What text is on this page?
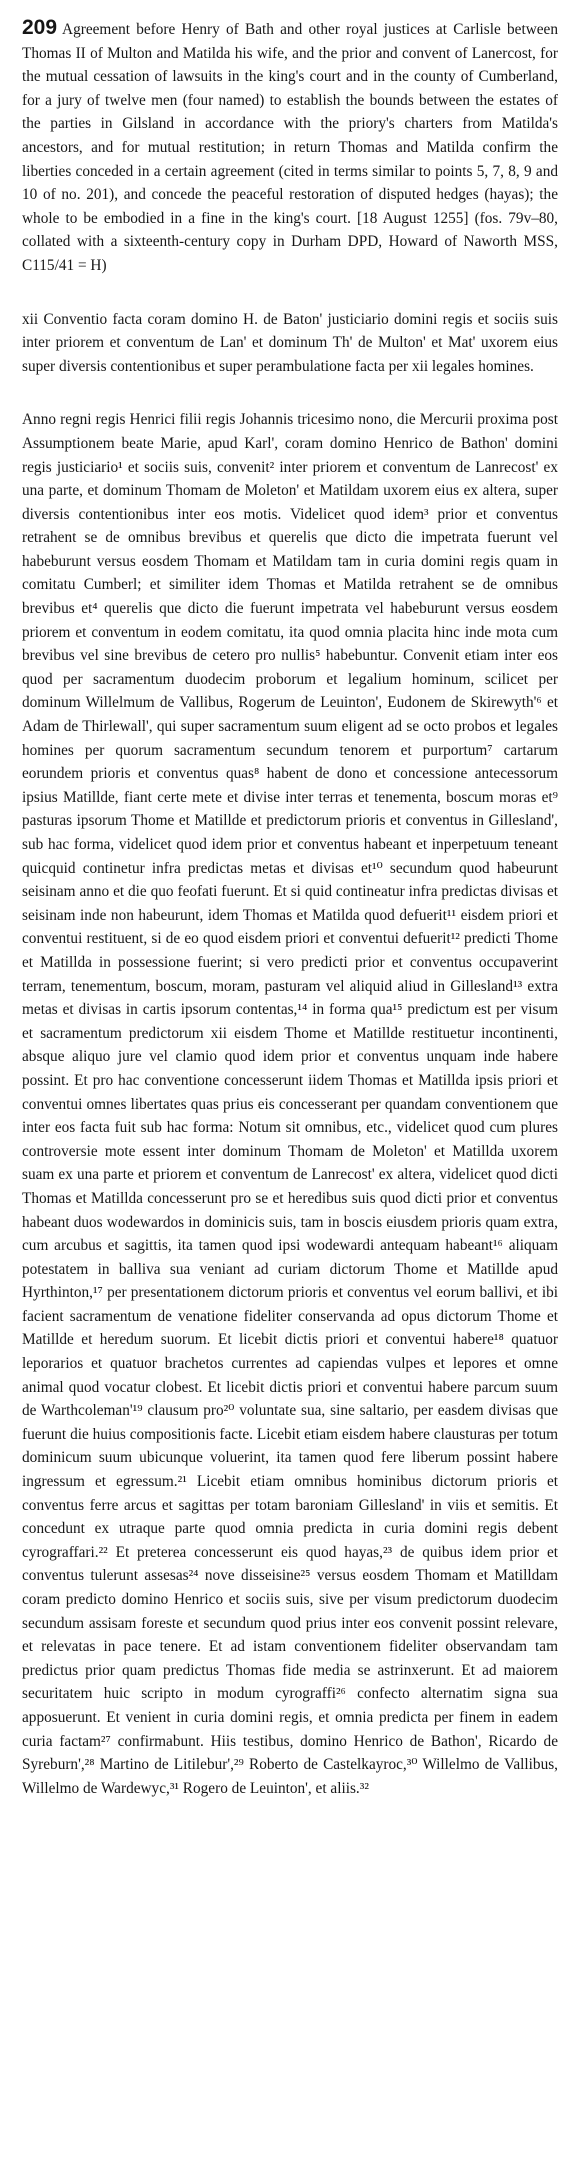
209 Agreement before Henry of Bath and other royal justices at Carlisle between Thomas II of Multon and Matilda his wife, and the prior and convent of Lanercost, for the mutual cessation of lawsuits in the king's court and in the county of Cumberland, for a jury of twelve men (four named) to establish the bounds between the estates of the parties in Gilsland in accordance with the priory's charters from Matilda's ancestors, and for mutual restitution; in return Thomas and Matilda confirm the liberties conceded in a certain agreement (cited in terms similar to points 5, 7, 8, 9 and 10 of no. 201), and concede the peaceful restoration of disputed hedges (hayas); the whole to be embodied in a fine in the king's court. [18 August 1255] (fos. 79v–80, collated with a sixteenth-century copy in Durham DPD, Howard of Naworth MSS, C115/41 = H)
xii Conventio facta coram domino H. de Baton' justiciario domini regis et sociis suis inter priorem et conventum de Lan' et dominum Th' de Multon' et Mat' uxorem eius super diversis contentionibus et super perambulatione facta per xii legales homines.

Anno regni regis Henrici filii regis Johannis tricesimo nono, die Mercurii proxima post Assumptionem beate Marie, apud Karl', coram domino Henrico de Bathon' domini regis justiciario¹ et sociis suis, convenit² inter priorem et conventum de Lanrecost' ex una parte, et dominum Thomam de Moleton' et Matildam uxorem eius ex altera, super diversis contentionibus inter eos motis. Videlicet quod idem³ prior et conventus retrahent se de omnibus brevibus et querelis que dicto die impetrata fuerunt vel habeburunt versus eosdem Thomam et Matildam tam in curia domini regis quam in comitatu Cumberl; et similiter idem Thomas et Matilda retrahent se de omnibus brevibus et⁴ querelis que dicto die fuerunt impetrata vel habeburunt versus eosdem priorem et conventum in eodem comitatu, ita quod omnia placita hinc inde mota cum brevibus vel sine brevibus de cetero pro nullis⁵ habebuntur. Convenit etiam inter eos quod per sacramentum duodecim proborum et legalium hominum, scilicet per dominum Willelmum de Vallibus, Rogerum de Leuinton', Eudonem de Skirewyth'⁶ et Adam de Thirlewall', qui super sacramentum suum eligent ad se octo probos et legales homines per quorum sacramentum secundum tenorem et purportum⁷ cartarum eorundem prioris et conventus quas⁸ habent de dono et concessione antecessorum ipsius Matillde, fiant certe mete et divise inter terras et tenementa, boscum moras et⁹ pasturas ipsorum Thome et Matillde et predictorum prioris et conventus in Gillesland', sub hac forma, videlicet quod idem prior et conventus habeant et inperpetuum teneant quicquid continetur infra predictas metas et divisas et¹⁰ secundum quod habeurunt seisinam anno et die quo feofati fuerunt. Et si quid contineatur infra predictas divisas et seisinam inde non habeurunt, idem Thomas et Matilda quod defuerit¹¹ eisdem priori et conventui restituent, si de eo quod eisdem priori et conventui defuerit¹² predicti Thome et Matillda in possessione fuerint; si vero predicti prior et conventus occupaverint terram, tenementum, boscum, moram, pasturam vel aliquid aliud in Gillesland¹³ extra metas et divisas in cartis ipsorum contentas,¹⁴ in forma qua¹⁵ predictum est per visum et sacramentum predictorum xii eisdem Thome et Matillde restituetur incontinenti, absque aliquo jure vel clamio quod idem prior et conventus unquam inde habere possint. Et pro hac conventione concesserunt iidem Thomas et Matillda ipsis priori et conventui omnes libertates quas prius eis concesserant per quandam conventionem que inter eos facta fuit sub hac forma: Notum sit omnibus, etc., videlicet quod cum plures controversie mote essent inter dominum Thomam de Moleton' et Matillda uxorem suam ex una parte et priorem et conventum de Lanrecost' ex altera, videlicet quod dicti Thomas et Matillda concesserunt pro se et heredibus suis quod dicti prior et conventus habeant duos wodewardos in dominicis suis, tam in boscis eiusdem prioris quam extra, cum arcubus et sagittis, ita tamen quod ipsi wodewardi antequam habeant¹⁶ aliquam potestatem in balliva sua veniant ad curiam dictorum Thome et Matillde apud Hyrthinton,¹⁷ per presentationem dictorum prioris et conventus vel eorum ballivi, et ibi facient sacramentum de venatione fideliter conservanda ad opus dictorum Thome et Matillde et heredum suorum. Et licebit dictis priori et conventui habere¹⁸ quatuor leporarios et quatuor brachetos currentes ad capiendas vulpes et lepores et omne animal quod vocatur clobest. Et licebit dictis priori et conventui habere parcum suum de Warthcoleman'¹⁹ clausum pro²⁰ voluntate sua, sine saltario, per easdem divisas que fuerunt die huius compositionis facte. Licebit etiam eisdem habere clausturas per totum dominicum suum ubicunque voluerint, ita tamen quod fere liberum possint habere ingressum et egressum.²¹ Licebit etiam omnibus hominibus dictorum prioris et conventus ferre arcus et sagittas per totam baroniam Gillesland' in viis et semitis. Et concedunt ex utraque parte quod omnia predicta in curia domini regis debent cyrograffari.²² Et preterea concesserunt eis quod hayas,²³ de quibus idem prior et conventus tulerunt assesas²⁴ nove disseisine²⁵ versus eosdem Thomam et Matilldam coram predicto domino Henrico et sociis suis, sive per visum predictorum duodecim secundum assisam foreste et secundum quod prius inter eos convenit possint relevare, et relevatas in pace tenere. Et ad istam conventionem fideliter observandam tam predictus prior quam predictus Thomas fide media se astrinxerunt. Et ad maiorem securitatem huic scripto in modum cyrograffi²⁶ confecto alternatim signa sua apposuerunt. Et venient in curia domini regis, et omnia predicta per finem in eadem curia factam²⁷ confirmabunt. Hiis testibus, domino Henrico de Bathon', Ricardo de Syreburn',²⁸ Martino de Litilebur',²⁹ Roberto de Castelkayroc,³⁰ Willelmo de Vallibus, Willelmo de Wardewyc,³¹ Rogero de Leuinton', et aliis.³²
